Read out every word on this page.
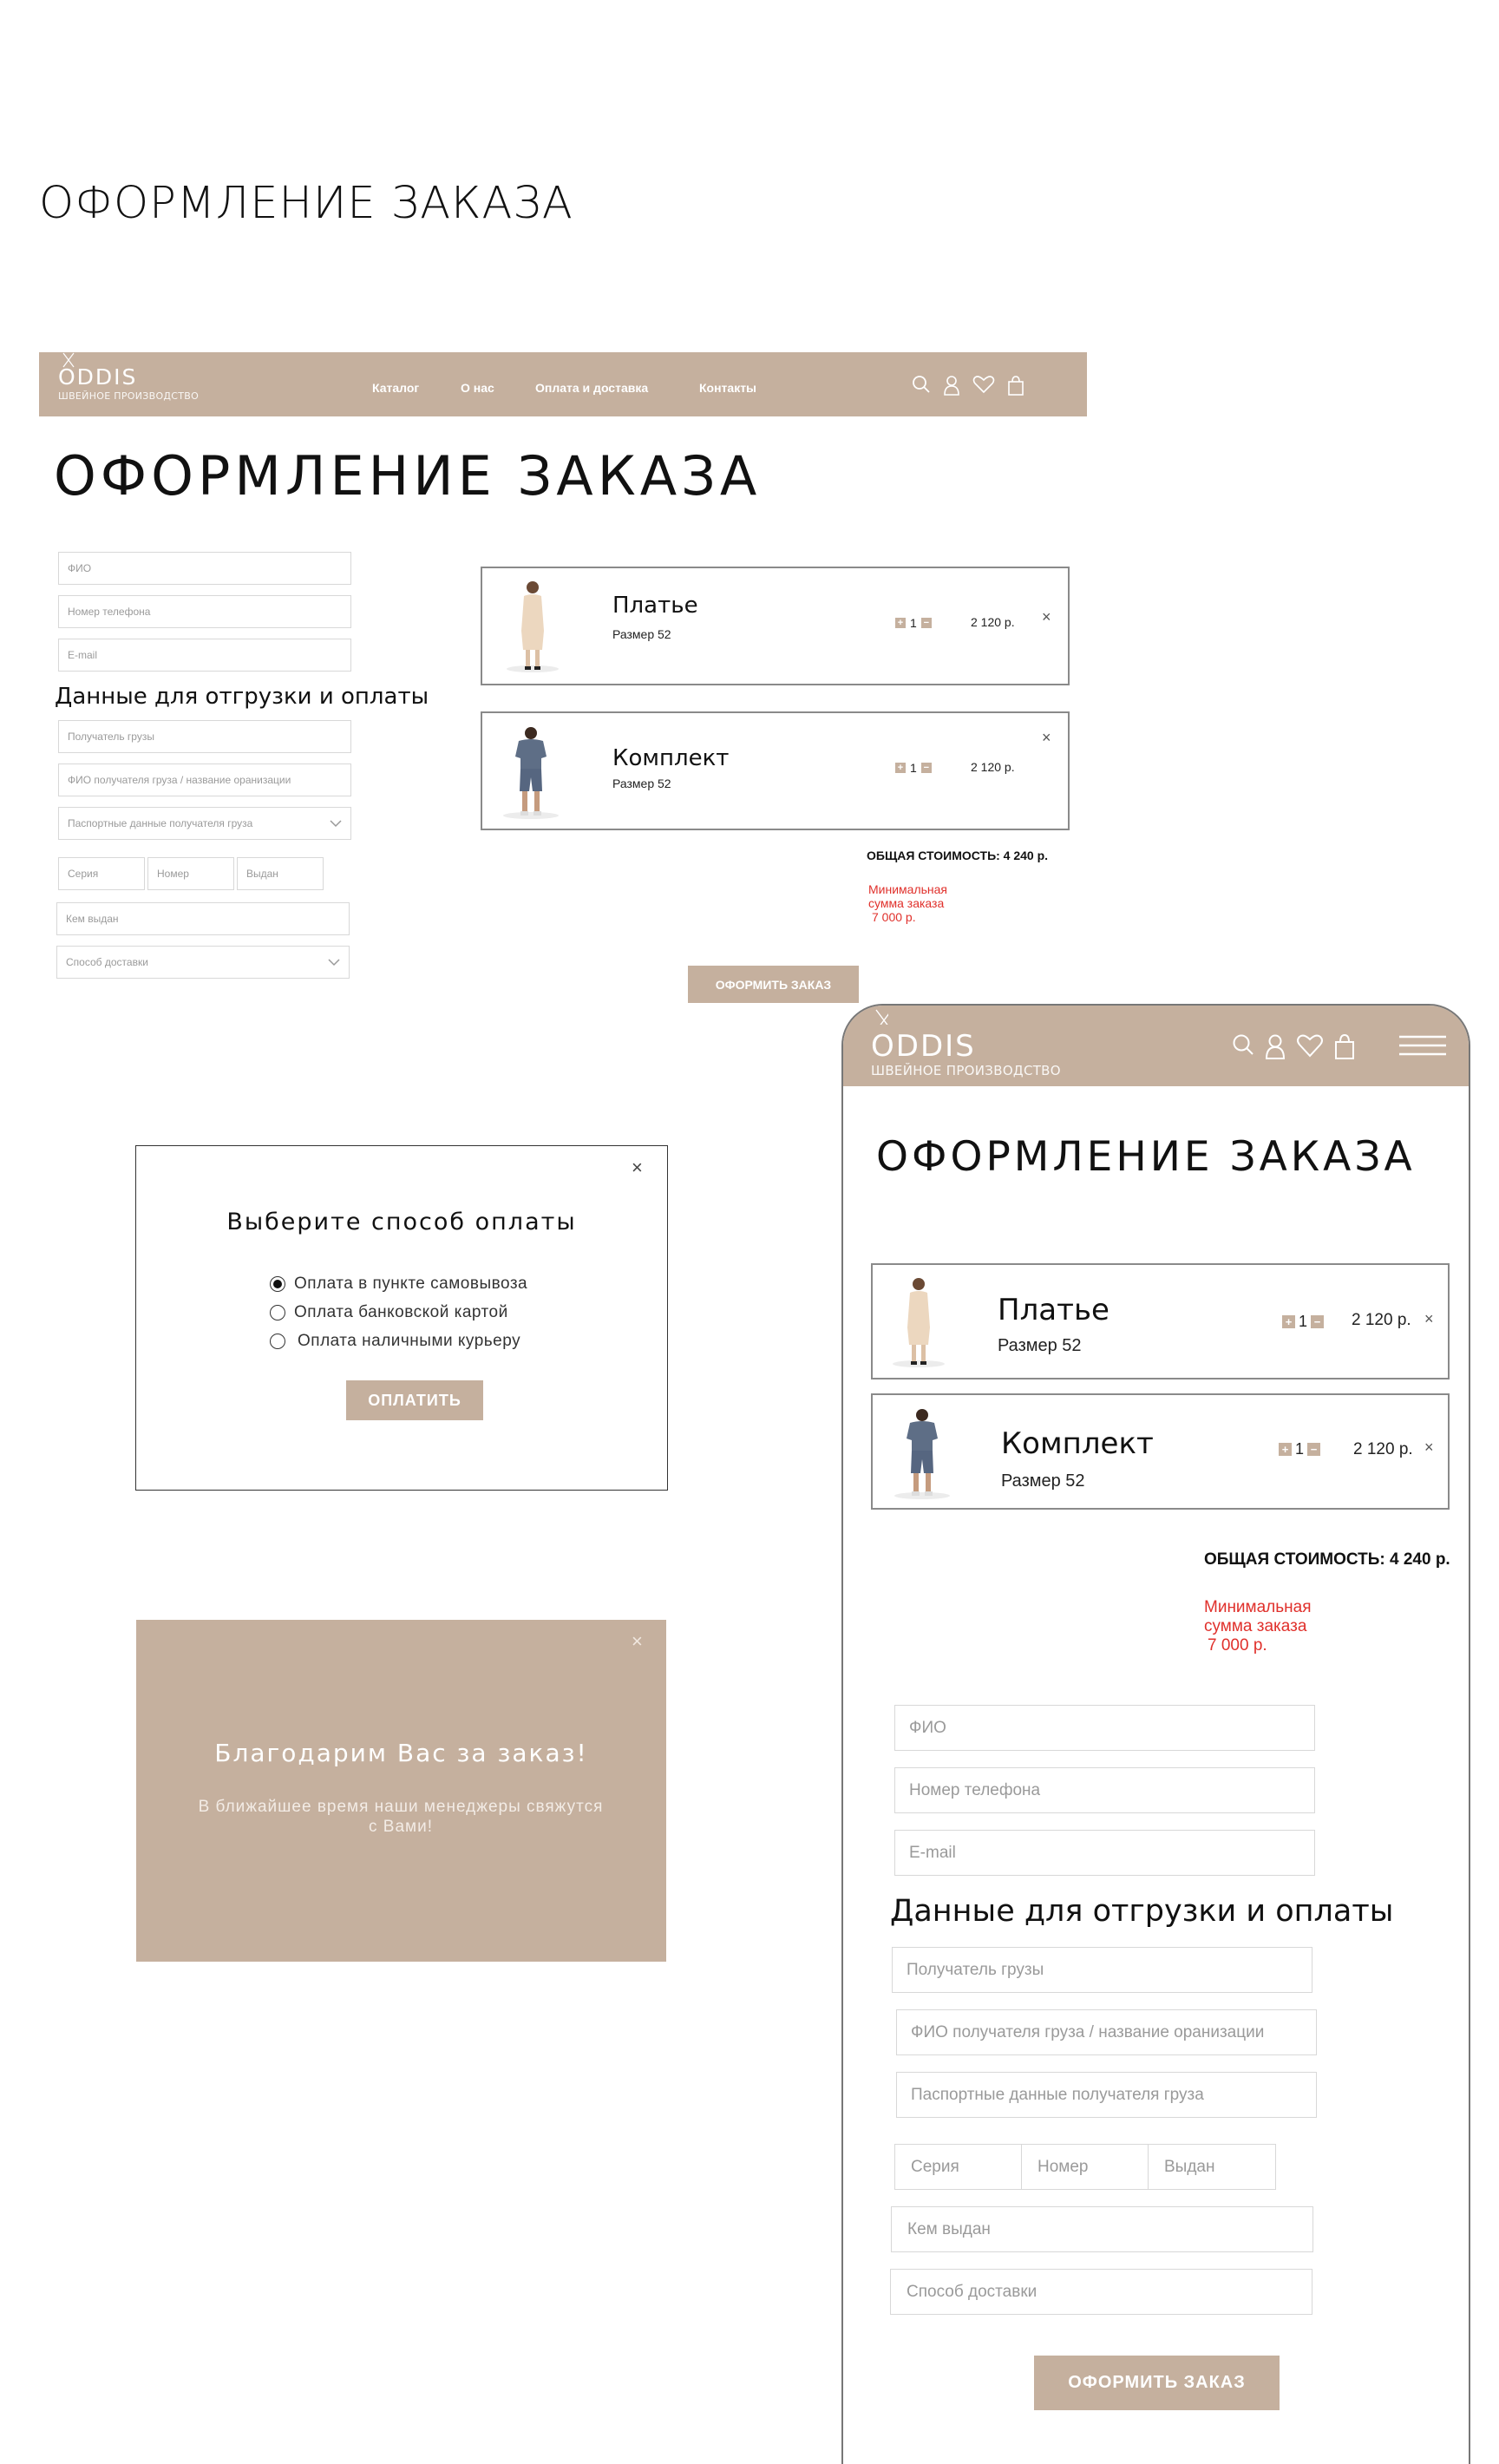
ОФОРМЛЕНИЕ ЗАКАЗА
ODDIS
ШВЕЙНОЕ ПРОИЗВОДСТВО
Каталог	О нас	Оплата и доставка	Контакты
ОФОРМЛЕНИЕ ЗАКАЗА
ФИО
Номер телефона
E-mail
Данные для отгрузки и оплаты
Получатель грузы
ФИО получателя груза / название оранизации
Паспортные данные получателя груза
Серия	Номер	Выдан
Кем выдан
Способ доставки
Платье
Размер 52
+ 1 −	2 120 р. ×
Комплект
Размер 52
+ 1 −	2 120 р.
×
ОБЩАЯ СТОИМОСТЬ: 4 240 р.
Минимальная
сумма заказа
7 000 р.
ОФОРМИТЬ ЗАКАЗ
×
Выберите способ оплаты
Оплата в пункте самовывоза
Оплата банковской картой
Оплата наличными курьеру
ОПЛАТИТЬ
×
Благодарим Вас за заказ!
В ближайшее время наши менеджеры свяжутся с Вами!
ODDIS
ШВЕЙНОЕ ПРОИЗВОДСТВО
ОФОРМЛЕНИЕ ЗАКАЗА
Платье
Размер 52
+ 1 − 2 120 р. ×
Комплект
Размер 52
+ 1 − 2 120 р. ×
ОБЩАЯ СТОИМОСТЬ: 4 240 р.
Минимальная
сумма заказа
7 000 р.
ФИО
Номер телефона
E-mail
Данные для отгрузки и оплаты
Получатель грузы
ФИО получателя груза / название оранизации
Паспортные данные получателя груза
Серия	Номер	Выдан
Кем выдан
Способ доставки
ОФОРМИТЬ ЗАКАЗ
